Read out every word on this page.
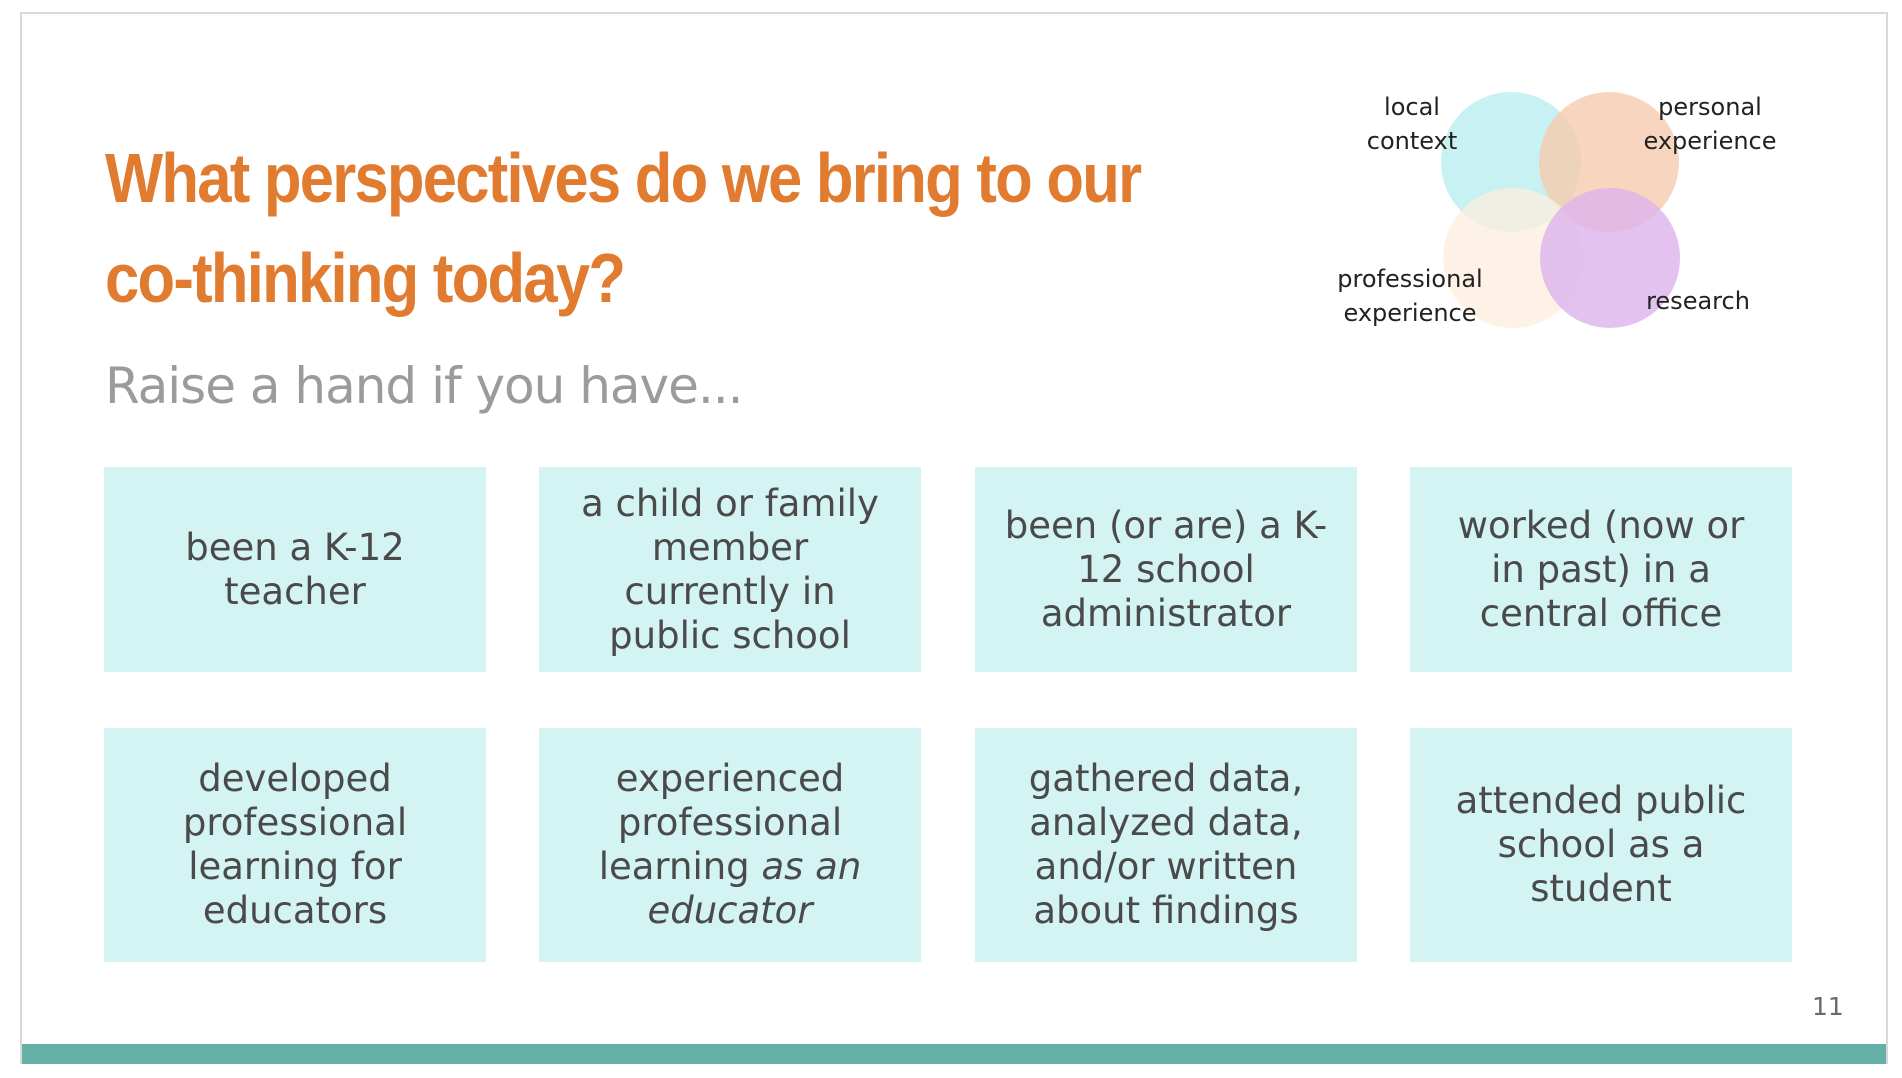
What perspectives do we bring to our co-thinking today?
Raise a hand if you have...
local context
personal experience
professional experience	research
been a K-12 teacher
a child or family member currently in public school
been (or are) a K-12 school administrator
worked (now or in past) in a central office
developed professional learning for educators
experienced professional learning as an educator
gathered data, analyzed data, and/or written about findings
attended public school as a student
11
